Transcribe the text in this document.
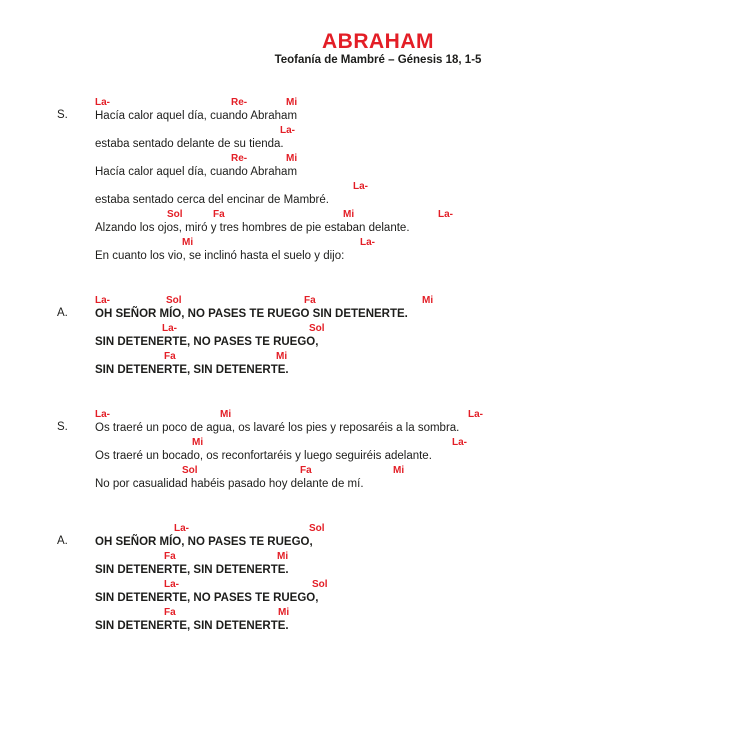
ABRAHAM
Teofanía de Mambré – Génesis 18, 1-5
S.
La-	Re-	Mi
Hacía calor aquel día, cuando Abraham
La-
estaba sentado delante de su tienda.
Re-	Mi
Hacía calor aquel día, cuando Abraham
La-
estaba sentado cerca del encinar de Mambré.
Sol	Fa	Mi	La-
Alzando los ojos, miró y tres hombres de pie estaban delante.
Mi	La-
En cuanto los vio, se inclinó hasta el suelo y dijo:
A.
La-	Sol	Fa	Mi
OH SEÑOR MÍO, NO PASES TE RUEGO SIN DETENERTE.
La-	Sol
SIN DETENERTE, NO PASES TE RUEGO,
Fa	Mi
SIN DETENERTE, SIN DETENERTE.
S.
La-	Mi	La-
Os traeré un poco de agua, os lavaré los pies y reposaréis a la sombra.
Mi	La-
Os traeré un bocado, os reconfortaréis y luego seguiréis adelante.
Sol	Fa	Mi
No por casualidad habéis pasado hoy delante de mí.
A.
La-	Sol
OH SEÑOR MÍO, NO PASES TE RUEGO,
Fa	Mi
SIN DETENERTE, SIN DETENERTE.
La-	Sol
SIN DETENERTE, NO PASES TE RUEGO,
Fa	Mi
SIN DETENERTE, SIN DETENERTE.
